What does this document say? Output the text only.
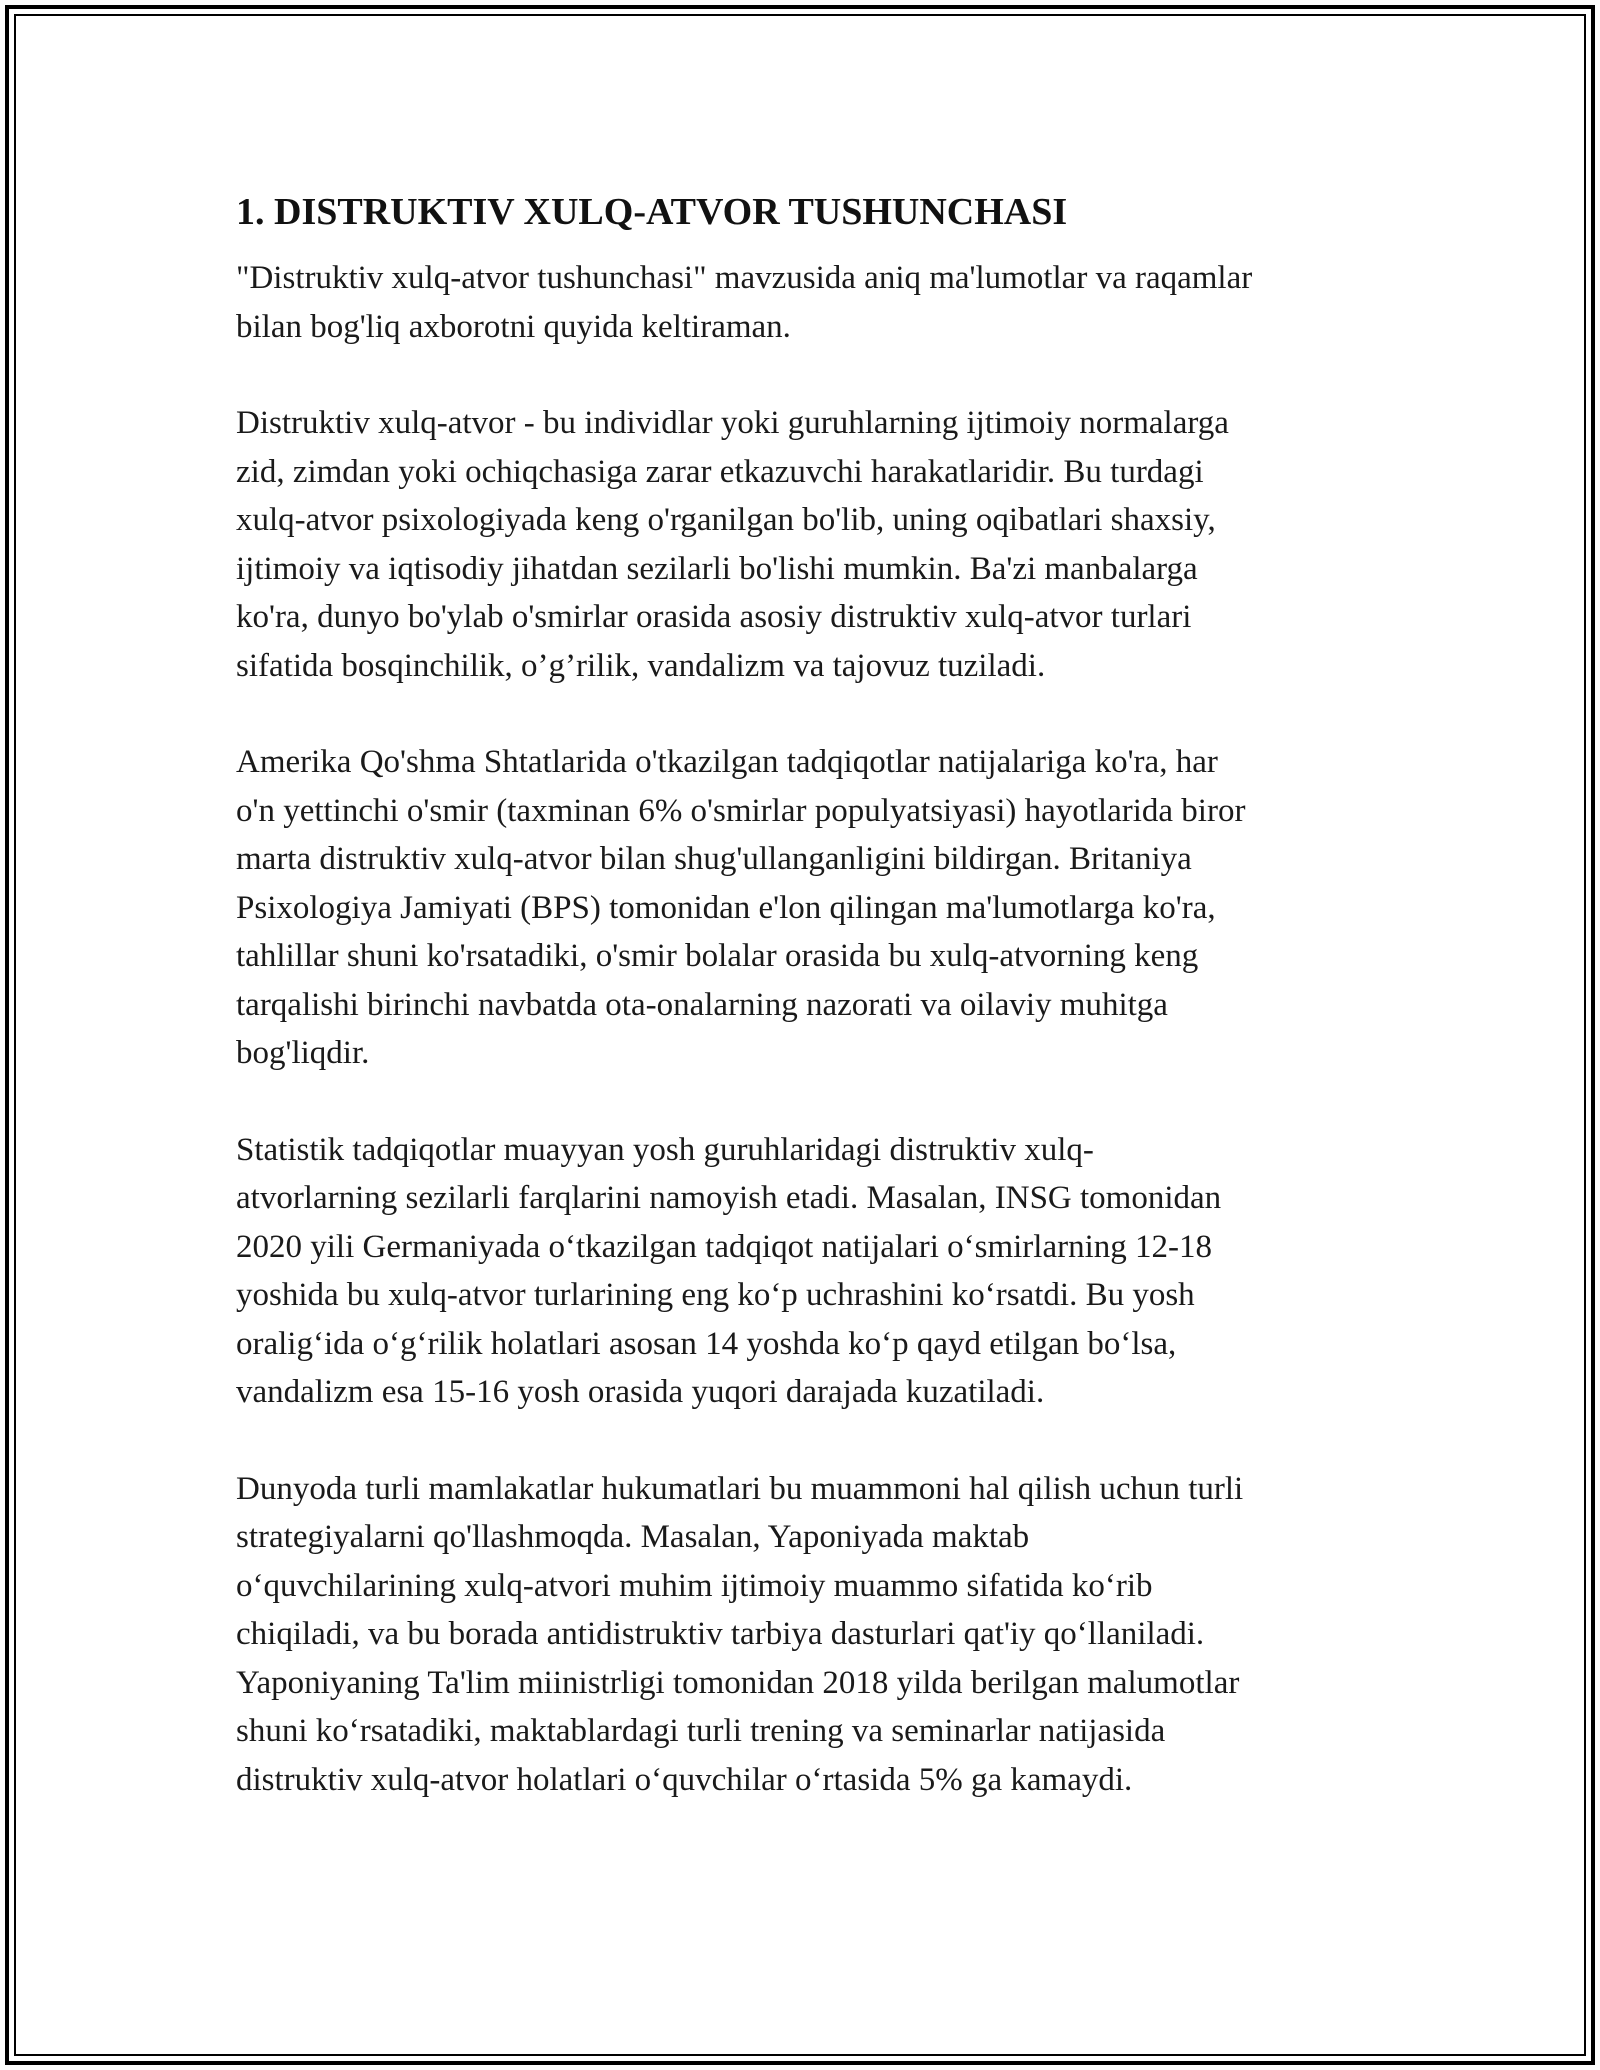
1. DISTRUKTIV XULQ-ATVOR TUSHUNCHASI

"Distruktiv xulq-atvor tushunchasi" mavzusida aniq ma'lumotlar va raqamlar
bilan bog'liq axborotni quyida keltiraman.

Distruktiv xulq-atvor - bu individlar yoki guruhlarning ijtimoiy normalarga
zid, zimdan yoki ochiqchasiga zarar etkazuvchi harakatlaridir. Bu turdagi
xulq-atvor psixologiyada keng o'rganilgan bo'lib, uning oqibatlari shaxsiy,
ijtimoiy va iqtisodiy jihatdan sezilarli bo'lishi mumkin. Ba'zi manbalarga
ko'ra, dunyo bo'ylab o'smirlar orasida asosiy distruktiv xulq-atvor turlari
sifatida bosqinchilik, o’g’rilik, vandalizm va tajovuz tuziladi.

Amerika Qo'shma Shtatlarida o'tkazilgan tadqiqotlar natijalariga ko'ra, har
o'n yettinchi o'smir (taxminan 6% o'smirlar populyatsiyasi) hayotlarida biror
marta distruktiv xulq-atvor bilan shug'ullanganligini bildirgan. Britaniya
Psixologiya Jamiyati (BPS) tomonidan e'lon qilingan ma'lumotlarga ko'ra,
tahlillar shuni ko'rsatadiki, o'smir bolalar orasida bu xulq-atvorning keng
tarqalishi birinchi navbatda ota-onalarning nazorati va oilaviy muhitga
bog'liqdir.

Statistik tadqiqotlar muayyan yosh guruhlaridagi distruktiv xulq-
atvorlarning sezilarli farqlarini namoyish etadi. Masalan, INSG tomonidan
2020 yili Germaniyada oʻtkazilgan tadqiqot natijalari oʻsmirlarning 12-18
yoshida bu xulq-atvor turlarining eng koʻp uchrashini koʻrsatdi. Bu yosh
oraligʻida oʻgʻrilik holatlari asosan 14 yoshda koʻp qayd etilgan boʻlsa,
vandalizm esa 15-16 yosh orasida yuqori darajada kuzatiladi.

Dunyoda turli mamlakatlar hukumatlari bu muammoni hal qilish uchun turli
strategiyalarni qo'llashmoqda. Masalan, Yaponiyada maktab
oʻquvchilarining xulq-atvori muhim ijtimoiy muammo sifatida koʻrib
chiqiladi, va bu borada antidistruktiv tarbiya dasturlari qat'iy qoʻllaniladi.
Yaponiyaning Ta'lim miinistrligi tomonidan 2018 yilda berilgan malumotlar
shuni koʻrsatadiki, maktablardagi turli trening va seminarlar natijasida
distruktiv xulq-atvor holatlari oʻquvchilar oʻrtasida 5% ga kamaydi.
